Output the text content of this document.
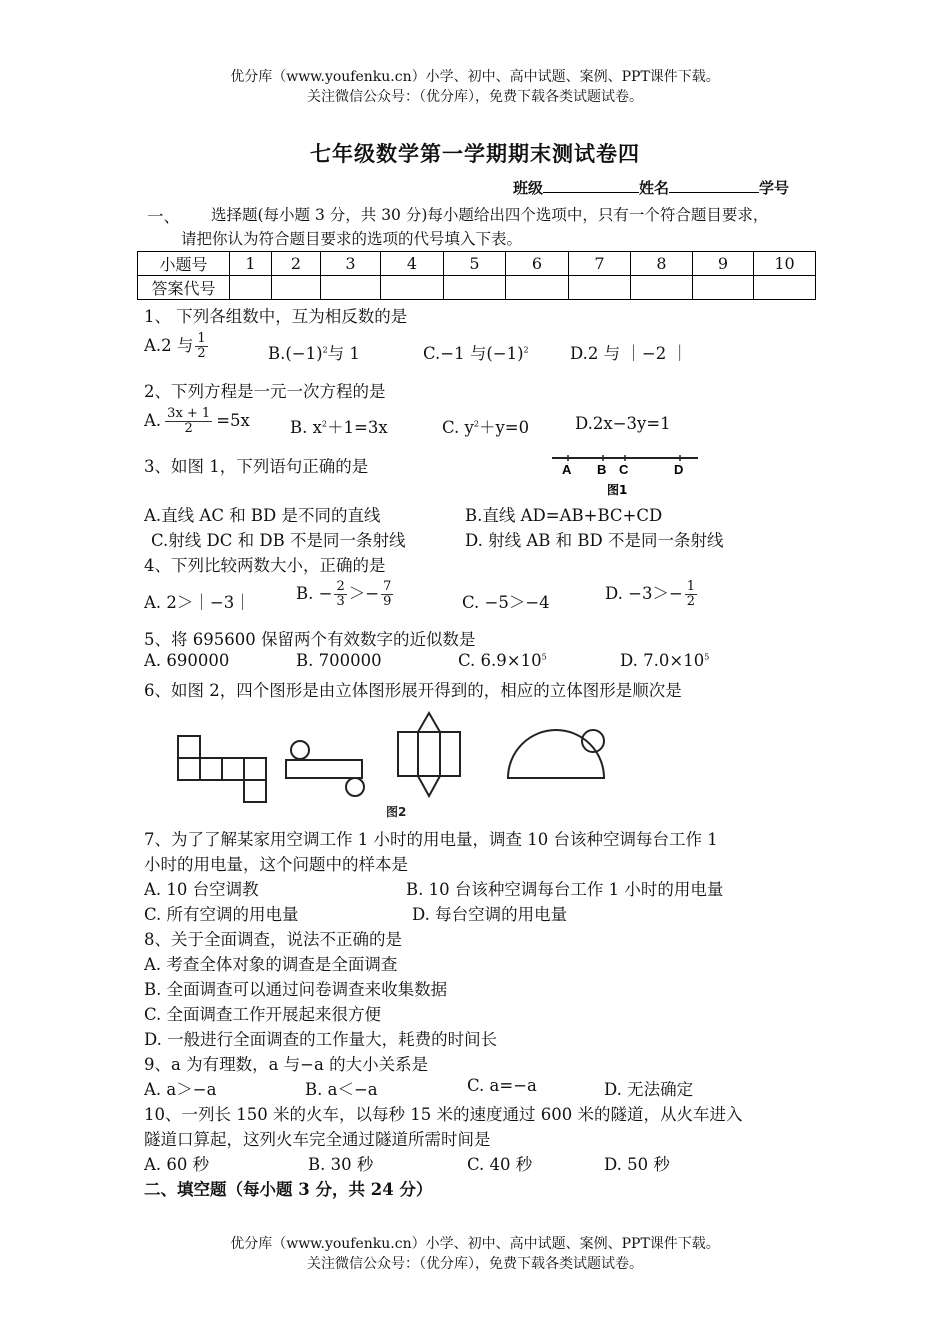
优分库（www.youfenku.cn）小学、初中、高中试题、案例、PPT课件下载。
关注微信公众号：（优分库），免费下载各类试题试卷。
七年级数学第一学期期末测试卷四
班级	姓名	学号
一、 选择题(每小题 3 分，共 30 分)每小题给出四个选项中，只有一个符合题目要求，
请把你认为符合题目要求的选项的代号填入下表。
小题号	1	2	3	4	5	6	7	8	9	10
答案代号										
1、 下列各组数中，互为相反数的是
A.2 与 $\frac{1}{2}$	$B.(-1)^2$与 1	C.−1 与$(-1)^2$	D.2 与 ｜−2 ｜
2、下列方程是一元一次方程的是
A. $\frac{3x + 1}{2} =5x$ B. $x^2+1=3x$	C. $y^2+y=0$	D.2x−3y=1
3、如图 1，下列语句正确的是	A B C	D
图1
A.直线 AC 和 BD 是不同的直线	B.直线 AD=AB+BC+CD
C.射线 DC 和 DB 不是同一条射线	D. 射线 AB 和 BD 不是同一条射线
4、下列比较两数大小，正确的是
A. 2＞｜−3｜	B. − $\frac{2}{3} >- \frac{7}{9}$	C. −5＞−4	D. $-3>- \frac{1}{2}$
5、将 695600 保留两个有效数字的近似数是
A. 690000	B. 700000	C. $6.9\times 10^5$	D. $7.0\times 10^5$
6、如图 2，四个图形是由立体图形展开得到的，相应的立体图形是顺次是
图2
7、为了了解某家用空调工作 1 小时的用电量，调查 10 台该种空调每台工作 1
小时的用电量，这个问题中的样本是
A. 10 台空调教	B. 10 台该种空调每台工作 1 小时的用电量
C. 所有空调的用电量	D. 每台空调的用电量
8、关于全面调查，说法不正确的是
A. 考查全体对象的调查是全面调查
B. 全面调查可以通过问卷调查来收集数据
C. 全面调查工作开展起来很方便
D. 一般进行全面调查的工作量大，耗费的时间长
9、a 为有理数，a 与−a 的大小关系是
A. a＞−a	B. a＜−a	C. a=−a	D. 无法确定
10、一列长 150 米的火车，以每秒 15 米的速度通过 600 米的隧道，从火车进入
隧道口算起，这列火车完全通过隧道所需时间是
A. 60 秒	B. 30 秒	C. 40 秒	D. 50 秒
二、填空题（每小题 3 分，共 24 分）
优分库（www.youfenku.cn）小学、初中、高中试题、案例、PPT课件下载。
关注微信公众号：（优分库），免费下载各类试题试卷。
